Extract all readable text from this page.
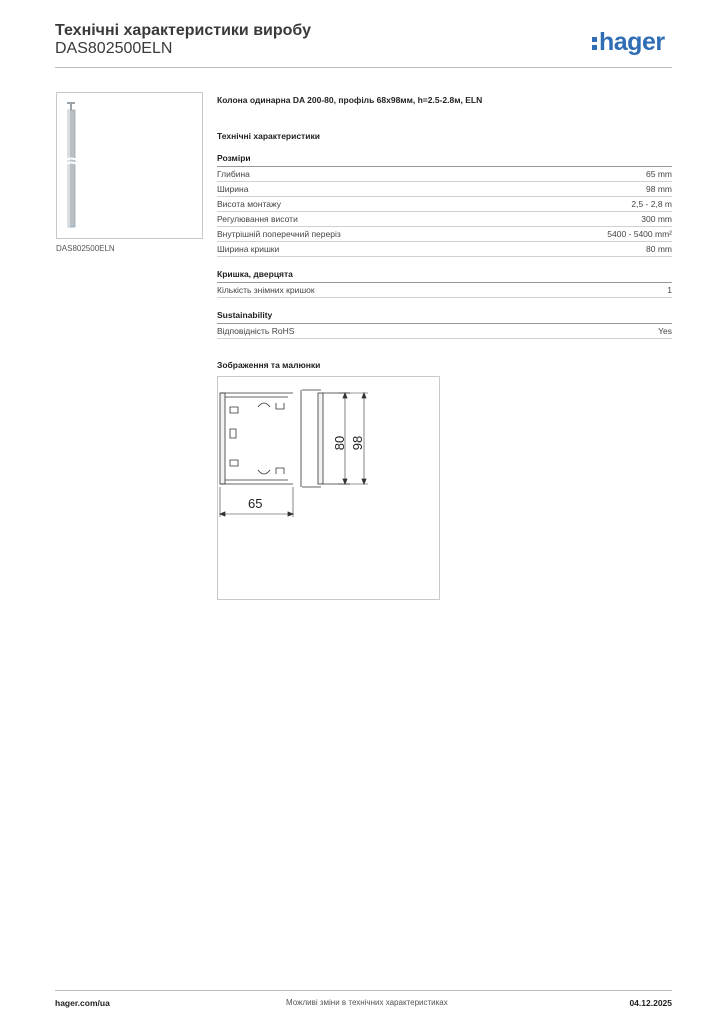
Технічні характеристики виробу
DAS802500ELN	hager
DAS802500ELN
Колона одинарна DA 200-80, профіль 68x98мм, h=2.5-2.8м, ELN
Технічні характеристики
Розміри
Глибина	65 mm
Ширина	98 mm
Висота монтажу	2,5 - 2,8 m
Регулювання висоти	300 mm
Внутрішній поперечний переріз	5400 - 5400 mm²
Ширина кришки	80 mm
Кришка, дверцята
Кількість знімних кришок	1
Sustainability
Відповідність RoHS	Yes
Зображення та малюнки
65
80 98
hager.com/ua	Можливі зміни в технічних характеристиках	04.12.2025
